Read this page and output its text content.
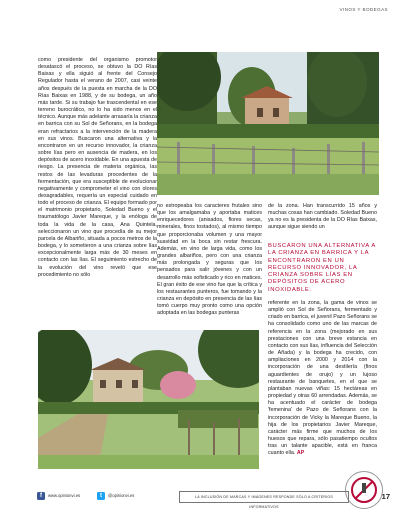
VINOS Y BODEGAS

como presidente del organismo promotor desatascó el proceso, se obtuvo la DO Rías Baixas y ella siguió al frente del Consejo Regulador hasta el verano de 2007, casi veinte años después de la puesta en marcha de la DO Rías Baixas en 1988, y de su bodega, un año más tarde. Si su trabajo fue trascendental en ese terreno burocrático, no lo ha sido menos en el técnico. Aunque más adelante arrasaría la crianza en barrica con su Sol de Señorans, en la bodega eran refractarios a la intervención de la madera en sus vinos. Buscaron una alternativa y la encontraron en un recurso innovador, la crianza sobre lías pero en ausencia de madera, en los depósitos de acero inoxidable. En una apuesta de riesgo. La presencia de materia orgánica, las restos de las levaduras procedentes de la fermentación, que era susceptible de evolucionar negativamente y comprometer el vino con olores desagradables, requería un especial cuidado en todo el proceso de crianza. El equipo formado por el matrimonio propietario, Soledad Bueno y el traumatólogo Javier Mareque, y la enóloga de toda la vida de la casa, Ana Quintela, seleccionaron un vino que procedía de su mejor parcela de Albariño, situada a pocos metros de la bodega, y lo sometieron a una crianza sobre lías excepcionalmente larga más de 30 meses en contacto con las lías. El seguimiento estrecho de la evolución del vino reveló que ese procedimiento no sólo

no estropeaba los caracteres frutales sino que los amalgamaba y aportaba matices enriquecedores (anisados, flores secas, minerales, finos tostados), al mismo tiempo que proporcionaba volumen y una mayor suavidad en la boca sin restar frescura. Además, en vino de larga vida, como los grandes albariños, pero con una crianza más prolongada y seguras que los pensados para salir jóvenes y con un desarrollo más sofisticado y rico en matices. El gran éxito de ese vino fue que la crítica y los restaurantes punteros, fue tomando y la crianza en depósito en presencia de las lías tomó cuerpo muy pronto como una opción adoptada en las bodegas punteras

de la zona. Han transcurrido 15 años y muchas cosas han cambiado. Soledad Bueno ya no es la presidenta de la DO Rías Baixas, aunque sigue siendo un

BUSCARON UNA ALTERNATIVA A LA CRIANZA EN BARRICA Y LA ENCONTRARON EN UN RECURSO INNOVADOR, LA CRIANZA SOBRE LÍAS EN DEPÓSITOS DE ACERO INOXIDABLE.

referente en la zona, la gama de vinos se amplió con Sol de Señorans, fermentado y criado en barrica, el juvenil Pazo Señorans se ha consolidado como uno de las marcas de referencia en la zona (mejorado en sus prestaciones con una breve estancia en contacto con sus lías, influencia del Selección de Añada) y la bodega ha crecido, con ampliaciones en 2000 y 2014 con la incorporación de una destilería (finos aguardientes de orujo) y un lujoso restaurante de banquetes, en el que se plantaban nuevas viñas: 15 hectáreas en propiedad y otras 60 arrendadas. Además, se ha acentuado el carácter de bodega 'femenina' de Pazo de Señorans con la incorporación de Vicky la Mareque Bueno, la hija de los propietarios Javier Mareque, carácter más firme que muchos de los huesos que repara, sólo pasatiempo ocultos tras un talante apacible, está en franca cuanto ella. AP

f	www.opinionvi.es	t	@opinionvi.es	LA INCLUSIÓN DE MARCAS Y IMÁGENES RESPONDE SÓLO A CRITERIOS INFORMATIVOS
17
